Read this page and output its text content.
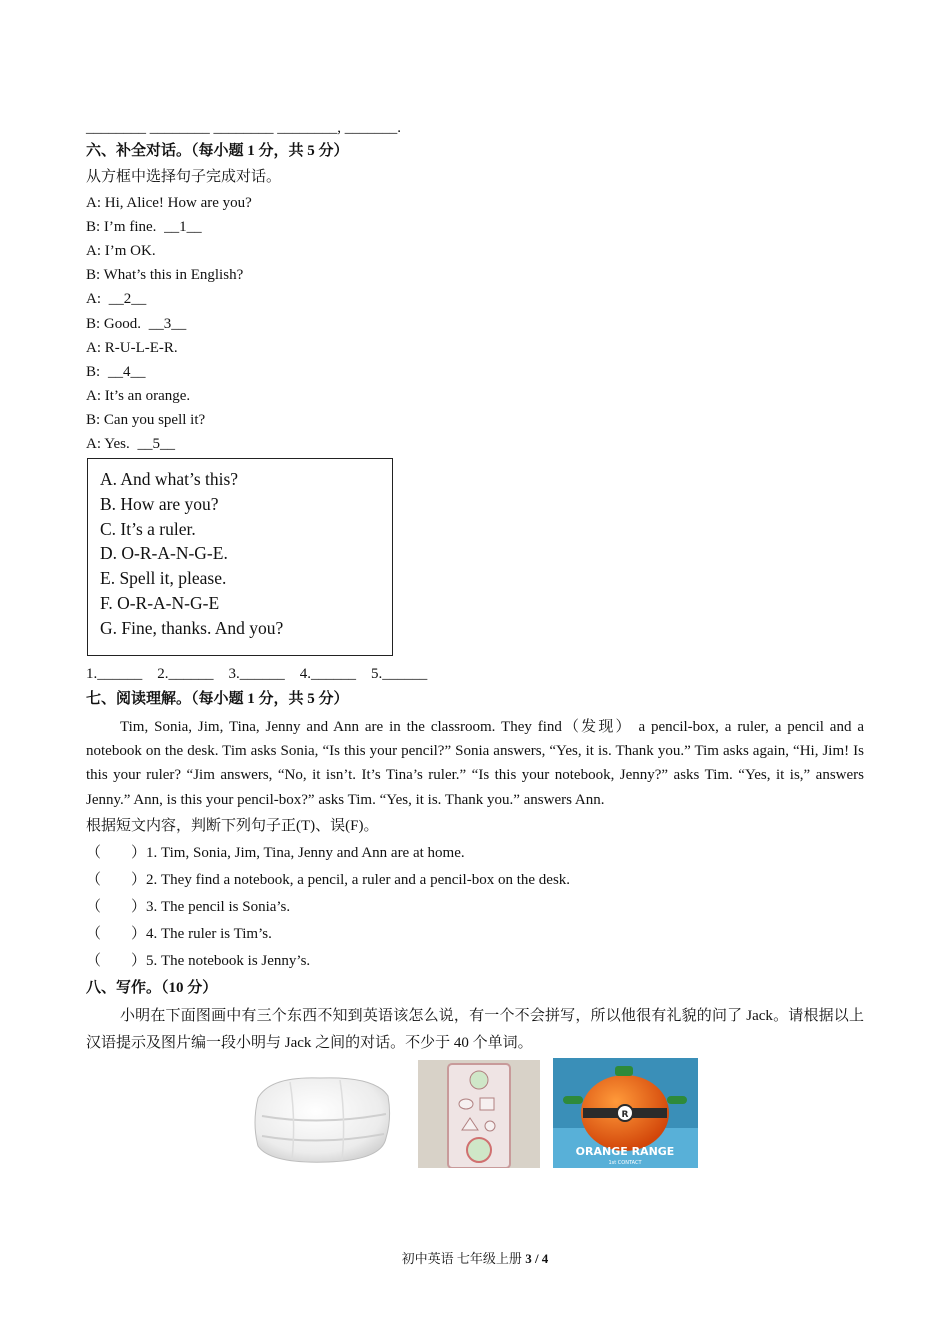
________ ________ ________ ________, _______.
六、补全对话。（每小题 1 分，共 5 分）
从方框中选择句子完成对话。
A: Hi, Alice! How are you?
B: I’m fine. __1__
A: I’m OK.
B: What’s this in English?
A: __2__
B: Good. __3__
A: R-U-L-E-R.
B: __4__
A: It’s an orange.
B: Can you spell it?
A: Yes. __5__
A. And what’s this?
B. How are you?
C. It’s a ruler.
D. O-R-A-N-G-E.
E. Spell it, please.
F. O-R-A-N-G-E
G. Fine, thanks. And you?
1.______    2.______    3.______    4.______    5.______
七、阅读理解。（每小题 1 分，共 5 分）
Tim, Sonia, Jim, Tina, Jenny and Ann are in the classroom. They find（发现） a pencil-box, a ruler, a pencil and a notebook on the desk. Tim asks Sonia, “Is this your pencil?” Sonia answers, “Yes, it is. Thank you.” Tim asks again, “Hi, Jim! Is this your ruler? “Jim answers, “No, it isn’t. It’s Tina’s ruler.” “Is this your notebook, Jenny?” asks Tim. “Yes, it is,” answers Jenny.” Ann, is this your pencil-box?” asks Tim. “Yes, it is. Thank you.” answers Ann.
根据短文内容，判断下列句子正(T)、误(F)。
（　　）1. Tim, Sonia, Jim, Tina, Jenny and Ann are at home.
（　　）2. They find a notebook, a pencil, a ruler and a pencil-box on the desk.
（　　）3. The pencil is Sonia’s.
（　　）4. The ruler is Tim’s.
（　　）5. The notebook is Jenny’s.
八、写作。（10 分）
小明在下面图画中有三个东西不知到英语该怎么说，有一个不会拼写，所以他很有礼貌的问了 Jack。请根据以上汉语提示及图片编一段小明与 Jack 之间的对话。不少于 40 个单词。
R
ORANGE RANGE
1st CONTACT
初中英语 七年级上册 3 / 4
